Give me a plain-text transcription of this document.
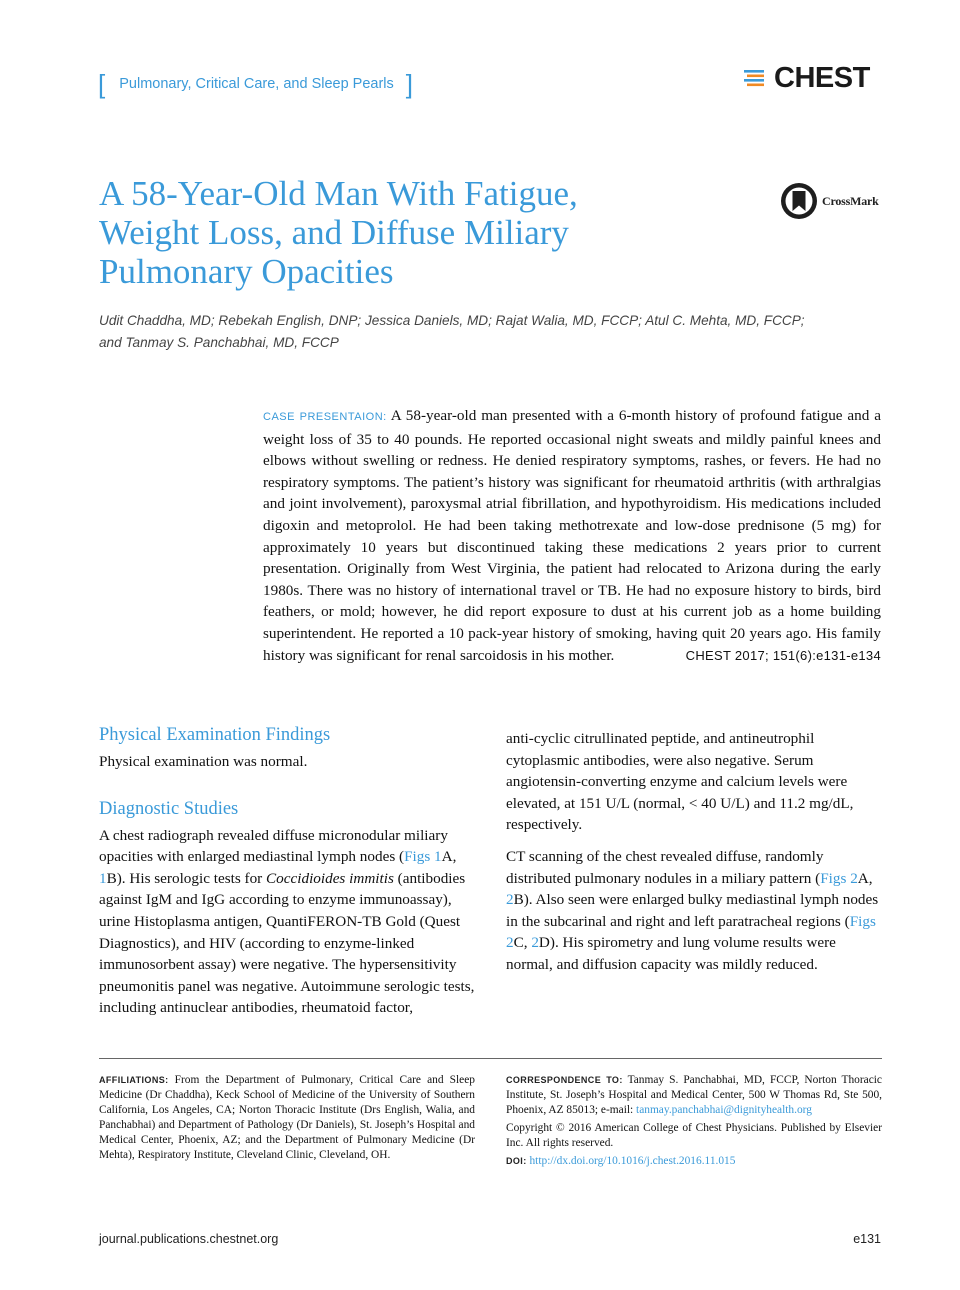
[ Pulmonary, Critical Care, and Sleep Pearls ]	CHEST
A 58-Year-Old Man With Fatigue, Weight Loss, and Diffuse Miliary Pulmonary Opacities
CrossMark
Udit Chaddha, MD; Rebekah English, DNP; Jessica Daniels, MD; Rajat Walia, MD, FCCP; Atul C. Mehta, MD, FCCP;
and Tanmay S. Panchabhai, MD, FCCP
CASE PRESENTAION: A 58-year-old man presented with a 6-month history of profound fatigue and a weight loss of 35 to 40 pounds. He reported occasional night sweats and mildly painful knees and elbows without swelling or redness. He denied respiratory symptoms, rashes, or fevers. He had no respiratory symptoms. The patient’s history was significant for rheumatoid arthritis (with arthralgias and joint involvement), paroxysmal atrial fibrillation, and hypothyroidism. His medications included digoxin and metoprolol. He had been taking methotrexate and low-dose prednisone (5 mg) for approximately 10 years but discontinued taking these medications 2 years prior to current presentation. Originally from West Virginia, the patient had relocated to Arizona during the early 1980s. There was no history of international travel or TB. He had no exposure history to birds, bird feathers, or mold; however, he did report exposure to dust at his current job as a home building superintendent. He reported a 10 pack-year history of smoking, having quit 20 years ago. His family history was significant for renal sarcoidosis in his mother.	CHEST 2017; 151(6):e131-e134
Physical Examination Findings

Physical examination was normal.

Diagnostic Studies

A chest radiograph revealed diffuse micronodular miliary opacities with enlarged mediastinal lymph nodes (Figs 1A, 1B). His serologic tests for Coccidioides immitis (antibodies against IgM and IgG according to enzyme immunoassay), urine Histoplasma antigen, QuantiFERON-TB Gold (Quest Diagnostics), and HIV (according to enzyme-linked immunosorbent assay) were negative. The hypersensitivity pneumonitis panel was negative. Autoimmune serologic tests, including antinuclear antibodies, rheumatoid factor,

anti-cyclic citrullinated peptide, and antineutrophil cytoplasmic antibodies, were also negative. Serum angiotensin-converting enzyme and calcium levels were elevated, at 151 U/L (normal, < 40 U/L) and 11.2 mg/dL, respectively.

CT scanning of the chest revealed diffuse, randomly distributed pulmonary nodules in a miliary pattern (Figs 2A, 2B). Also seen were enlarged bulky mediastinal lymph nodes in the subcarinal and right and left paratracheal regions (Figs 2C, 2D). His spirometry and lung volume results were normal, and diffusion capacity was mildly reduced.

AFFILIATIONS: From the Department of Pulmonary, Critical Care and Sleep Medicine (Dr Chaddha), Keck School of Medicine of the University of Southern California, Los Angeles, CA; Norton Thoracic Institute (Drs English, Walia, and Panchabhai) and Department of Pathology (Dr Daniels), St. Joseph’s Hospital and Medical Center, Phoenix, AZ; and the Department of Pulmonary Medicine (Dr Mehta), Respiratory Institute, Cleveland Clinic, Cleveland, OH.

CORRESPONDENCE TO: Tanmay S. Panchabhai, MD, FCCP, Norton Thoracic Institute, St. Joseph’s Hospital and Medical Center, 500 W Thomas Rd, Ste 500, Phoenix, AZ 85013; e-mail: tanmay.panchabhai@dignityhealth.org

Copyright © 2016 American College of Chest Physicians. Published by Elsevier Inc. All rights reserved.

DOI: http://dx.doi.org/10.1016/j.chest.2016.11.015

journal.publications.chestnet.org	e131
